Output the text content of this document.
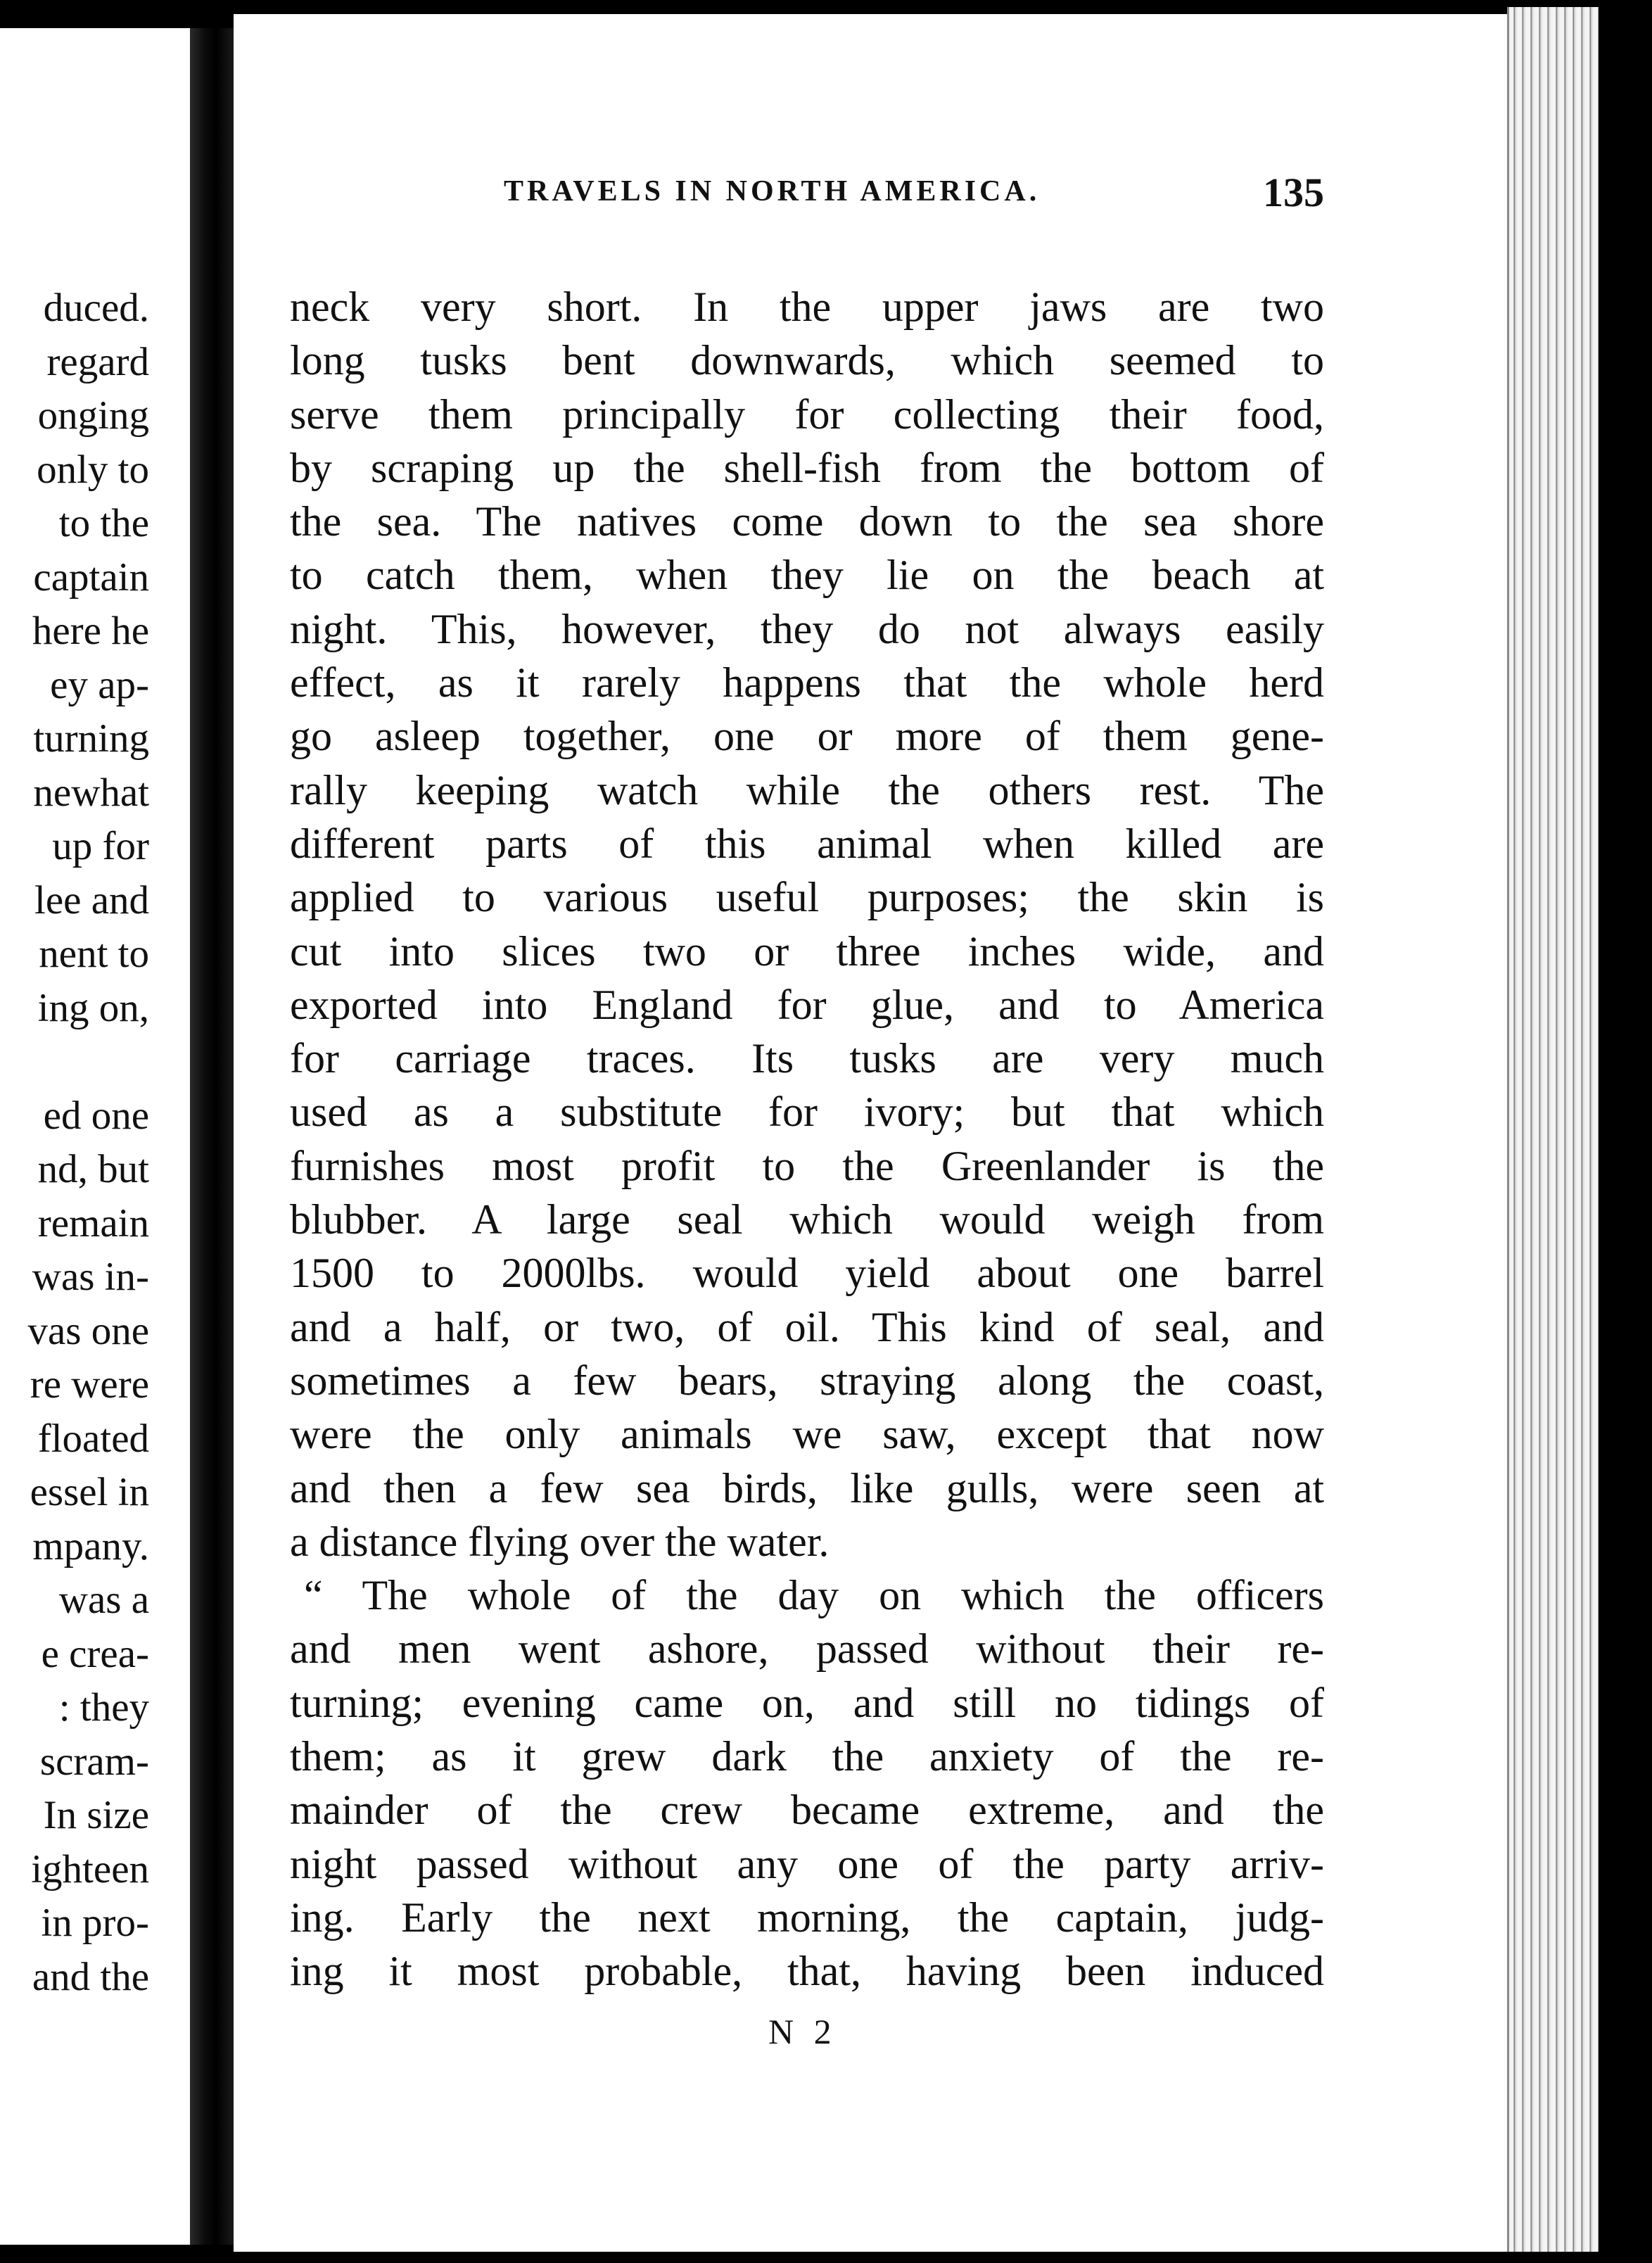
duced.
regard
onging
only to
to the
captain
here he
ey ap-
turning
newhat
up for
lee and
nent to
ing on,
ed one
nd, but
remain
was in-
vas one
re were
floated
essel in
mpany.
was a
e crea-
: they
scram-
In size
ighteen
in pro-
and the
TRAVELS IN NORTH AMERICA.	135
neck very short. In the upper jaws are two
long tusks bent downwards, which seemed to
serve them principally for collecting their food,
by scraping up the shell-fish from the bottom of
the sea. The natives come down to the sea shore
to catch them, when they lie on the beach at
night. This, however, they do not always easily
effect, as it rarely happens that the whole herd
go asleep together, one or more of them gene-
rally keeping watch while the others rest. The
different parts of this animal when killed are
applied to various useful purposes; the skin is
cut into slices two or three inches wide, and
exported into England for glue, and to America
for carriage traces. Its tusks are very much
used as a substitute for ivory; but that which
furnishes most profit to the Greenlander is the
blubber. A large seal which would weigh from
1500 to 2000lbs. would yield about one barrel
and a half, or two, of oil. This kind of seal, and
sometimes a few bears, straying along the coast,
were the only animals we saw, except that now
and then a few sea birds, like gulls, were seen at
a distance flying over the water.
“ The whole of the day on which the officers
and men went ashore, passed without their re-
turning; evening came on, and still no tidings of
them; as it grew dark the anxiety of the re-
mainder of the crew became extreme, and the
night passed without any one of the party arriv-
ing. Early the next morning, the captain, judg-
ing it most probable, that, having been induced
N 2
